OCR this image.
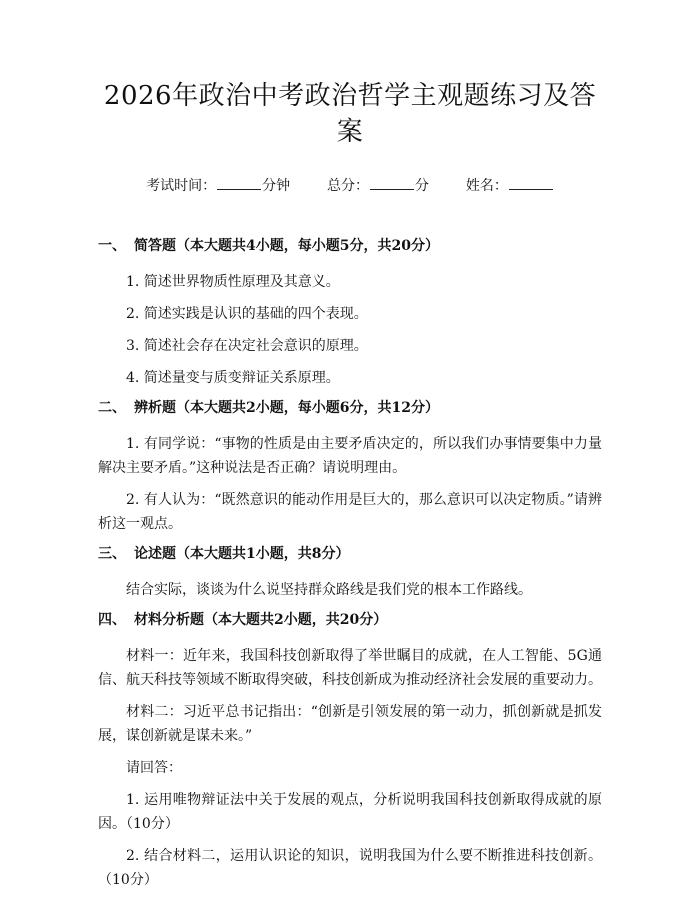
2026年政治中考政治哲学主观题练习及答案
考试时间：	分钟	总分：	分	姓名：
一、 简答题（本大题共4小题，每小题5分，共20分）

1. 简述世界物质性原理及其意义。

2. 简述实践是认识的基础的四个表现。

3. 简述社会存在决定社会意识的原理。

4. 简述量变与质变辩证关系原理。

二、 辨析题（本大题共2小题，每小题6分，共12分）

1. 有同学说：“事物的性质是由主要矛盾决定的，所以我们办事情要集中力量解决主要矛盾。”这种说法是否正确？请说明理由。

2. 有人认为：“既然意识的能动作用是巨大的，那么意识可以决定物质。”请辨析这一观点。

三、 论述题（本大题共1小题，共8分）

结合实际，谈谈为什么说坚持群众路线是我们党的根本工作路线。

四、 材料分析题（本大题共2小题，共20分）

材料一：近年来，我国科技创新取得了举世瞩目的成就，在人工智能、5G通信、航天科技等领域不断取得突破，科技创新成为推动经济社会发展的重要动力。

材料二：习近平总书记指出：“创新是引领发展的第一动力，抓创新就是抓发展，谋创新就是谋未来。”

请回答：

1. 运用唯物辩证法中关于发展的观点，分析说明我国科技创新取得成就的原因。（10分）

2. 结合材料二，运用认识论的知识，说明我国为什么要不断推进科技创新。（10分）
